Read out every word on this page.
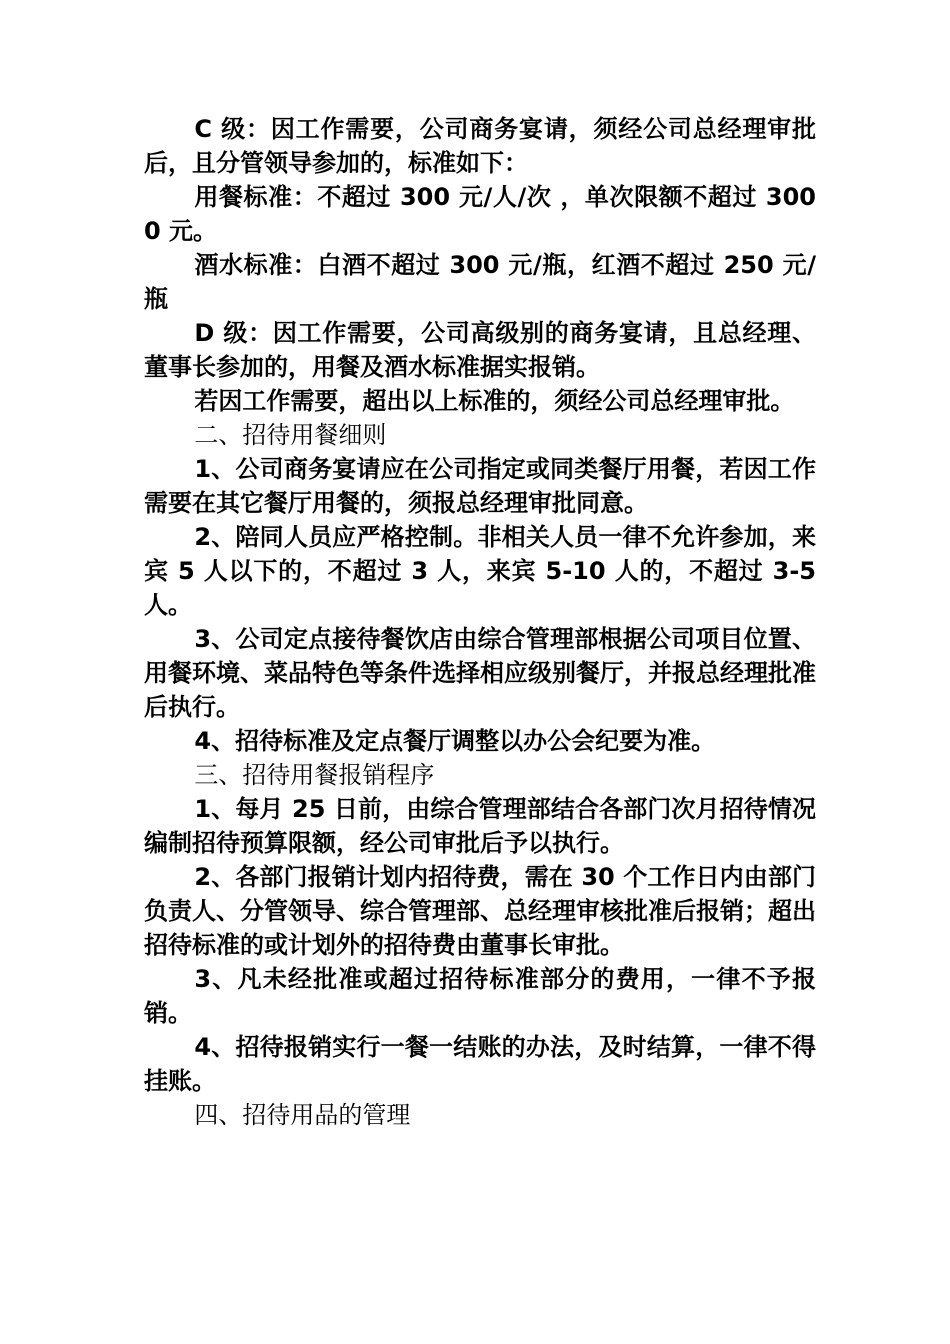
C 级：因工作需要，公司商务宴请，须经公司总经理审批后，且分管领导参加的，标准如下：

用餐标准：不超过 300 元/人/次 ，单次限额不超过 3000 元。

酒水标准：白酒不超过 300 元/瓶，红酒不超过 250 元/瓶

D 级：因工作需要，公司高级别的商务宴请，且总经理、董事长参加的，用餐及酒水标准据实报销。

若因工作需要，超出以上标准的，须经公司总经理审批。

二、招待用餐细则

1、公司商务宴请应在公司指定或同类餐厅用餐，若因工作需要在其它餐厅用餐的，须报总经理审批同意。

2、陪同人员应严格控制。非相关人员一律不允许参加，来宾 5 人以下的，不超过 3 人，来宾 5-10 人的，不超过 3-5 人。

3、公司定点接待餐饮店由综合管理部根据公司项目位置、用餐环境、菜品特色等条件选择相应级别餐厅，并报总经理批准后执行。

4、招待标准及定点餐厅调整以办公会纪要为准。

三、招待用餐报销程序

1、每月 25 日前，由综合管理部结合各部门次月招待情况编制招待预算限额，经公司审批后予以执行。

2、各部门报销计划内招待费，需在 30 个工作日内由部门负责人、分管领导、综合管理部、总经理审核批准后报销；超出招待标准的或计划外的招待费由董事长审批。

3、凡未经批准或超过招待标准部分的费用，一律不予报销。

4、招待报销实行一餐一结账的办法，及时结算，一律不得挂账。

四、招待用品的管理
